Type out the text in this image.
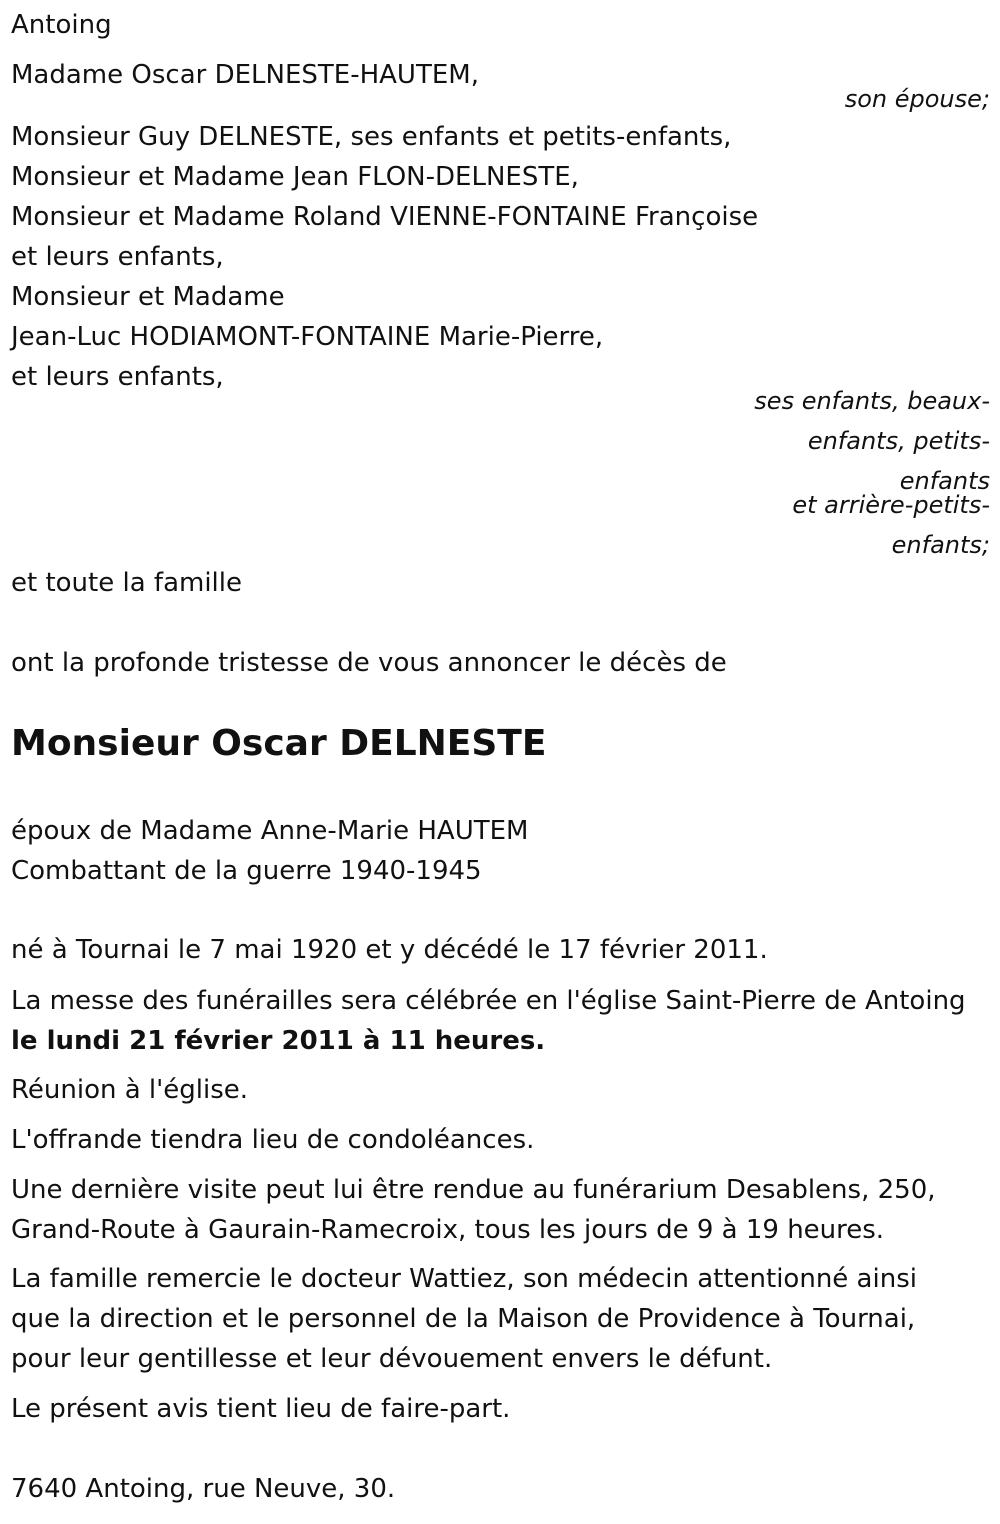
Antoing
Madame Oscar DELNESTE-HAUTEM,
son épouse;
Monsieur Guy DELNESTE, ses enfants et petits-enfants,
Monsieur et Madame Jean FLON-DELNESTE,
Monsieur et Madame Roland VIENNE-FONTAINE Françoise
et leurs enfants,
Monsieur et Madame
Jean-Luc HODIAMONT-FONTAINE Marie-Pierre,
et leurs enfants,
ses enfants, beaux-
enfants, petits-
enfants
et arrière-petits-
enfants;
et toute la famille
ont la profonde tristesse de vous annoncer le décès de
Monsieur Oscar DELNESTE
époux de Madame Anne-Marie HAUTEM
Combattant de la guerre 1940-1945
né à Tournai le 7 mai 1920 et y décédé le 17 février 2011.
La messe des funérailles sera célébrée en l'église Saint-Pierre de Antoing
le lundi 21 février 2011 à 11 heures.
Réunion à l'église.
L'offrande tiendra lieu de condoléances.
Une dernière visite peut lui être rendue au funérarium Desablens, 250,
Grand-Route à Gaurain-Ramecroix, tous les jours de 9 à 19 heures.
La famille remercie le docteur Wattiez, son médecin attentionné ainsi
que la direction et le personnel de la Maison de Providence à Tournai,
pour leur gentillesse et leur dévouement envers le défunt.
Le présent avis tient lieu de faire-part.
7640 Antoing, rue Neuve, 30.
